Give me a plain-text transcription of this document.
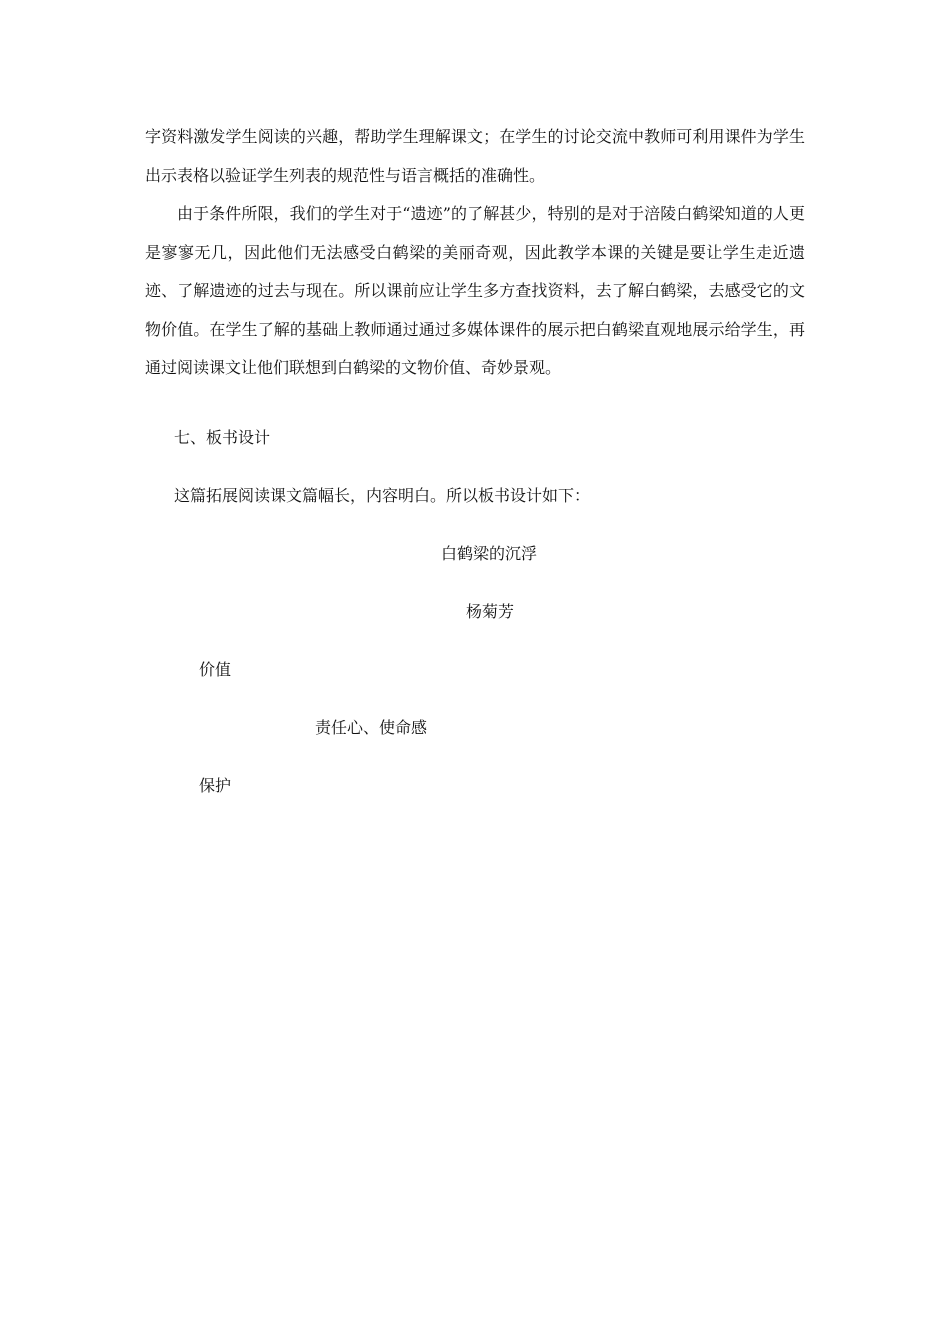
字资料激发学生阅读的兴趣，帮助学生理解课文；在学生的讨论交流中教师可利用课件为学生出示表格以验证学生列表的规范性与语言概括的准确性。

由于条件所限，我们的学生对于“遗迹”的了解甚少，特别的是对于涪陵白鹤梁知道的人更是寥寥无几，因此他们无法感受白鹤梁的美丽奇观，因此教学本课的关键是要让学生走近遗迹、了解遗迹的过去与现在。所以课前应让学生多方查找资料，去了解白鹤梁，去感受它的文物价值。在学生了解的基础上教师通过通过多媒体课件的展示把白鹤梁直观地展示给学生，再通过阅读课文让他们联想到白鹤梁的文物价值、奇妙景观。

七、板书设计

这篇拓展阅读课文篇幅长，内容明白。所以板书设计如下：

白鹤梁的沉浮

杨菊芳

价值

责任心、使命感

保护
